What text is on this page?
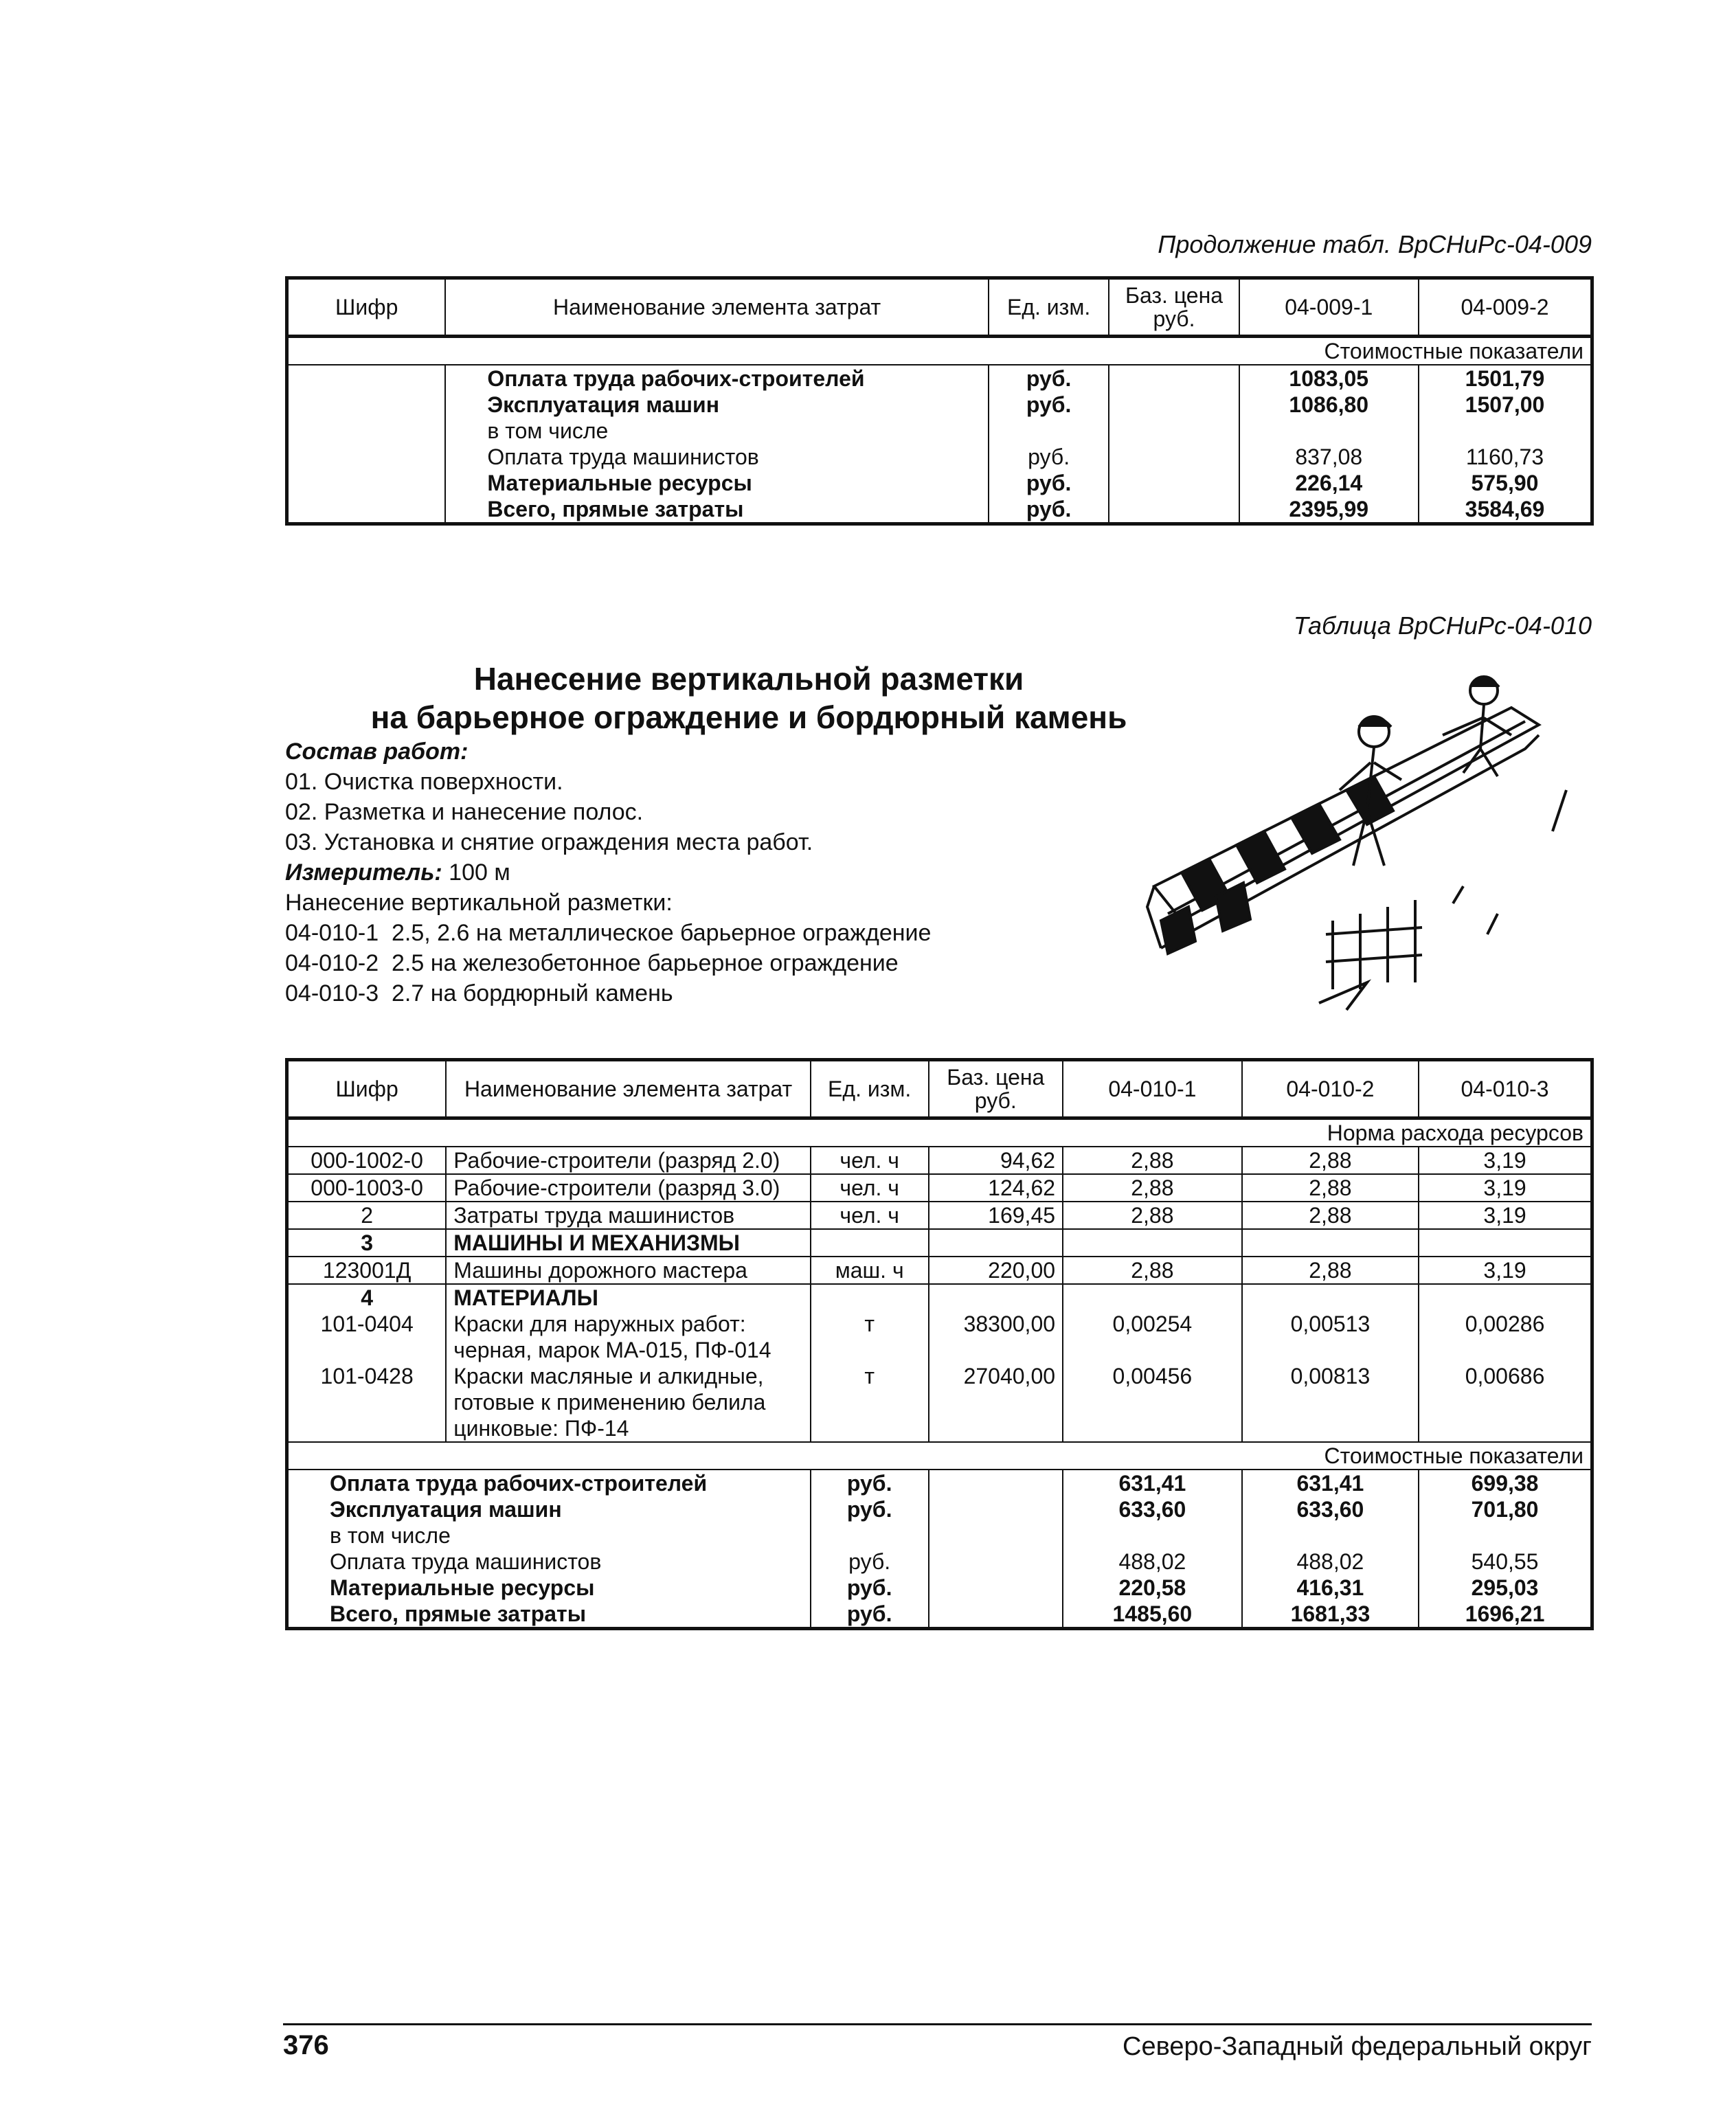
Продолжение табл. ВрСНиРс-04-009
Шифр	Наименование элемента затрат	Ед. изм.	Баз. цена руб.	04-009-1	04-009-2
				Стоимостные показатели	
	Оплата труда рабочих-строителей	руб.		1083,05	1501,79
	Эксплуатация машин	руб.		1086,80	1507,00
	в том числе				
	Оплата труда машинистов	руб.		837,08	1160,73
	Материальные ресурсы	руб.		226,14	575,90
	Всего, прямые затраты	руб.		2395,99	3584,69
Таблица ВрСНиРс-04-010
Нанесение вертикальной разметки
на барьерное ограждение и бордюрный камень
Состав работ:
01. Очистка поверхности.
02. Разметка и нанесение полос.
03. Установка и снятие ограждения места работ.
Измеритель: 100 м
Нанесение вертикальной разметки:
04-010-1  2.5, 2.6 на металлическое барьерное ограждение
04-010-2  2.5 на железобетонное барьерное ограждение
04-010-3  2.7 на бордюрный камень
Шифр	Наименование элемента затрат	Ед. изм.	Баз. цена руб.	04-010-1	04-010-2	04-010-3
					Норма расхода ресурсов	
000-1002-0	Рабочие-строители (разряд 2.0)	чел. ч	94,62	2,88	2,88	3,19
000-1003-0	Рабочие-строители (разряд 3.0)	чел. ч	124,62	2,88	2,88	3,19
2	Затраты труда машинистов	чел. ч	169,45	2,88	2,88	3,19
3	МАШИНЫ И МЕХАНИЗМЫ					
123001Д	Машины дорожного мастера	маш. ч	220,00	2,88	2,88	3,19
4	МАТЕРИАЛЫ					
101-0404	Краски для наружных работ: черная, марок МА-015, ПФ-014	т	38300,00	0,00254	0,00513	0,00286
101-0428	Краски масляные и алкидные, готовые к применению белила цинковые: ПФ-14	т	27040,00	0,00456	0,00813	0,00686
					Стоимостные показатели	
Оплата труда рабочих-строителей		руб.		631,41	631,41	699,38
Эксплуатация машин		руб.		633,60	633,60	701,80
в том числе						
Оплата труда машинистов		руб.		488,02	488,02	540,55
Материальные ресурсы		руб.		220,58	416,31	295,03
Всего, прямые затраты		руб.		1485,60	1681,33	1696,21
376	Северо-Западный федеральный округ
